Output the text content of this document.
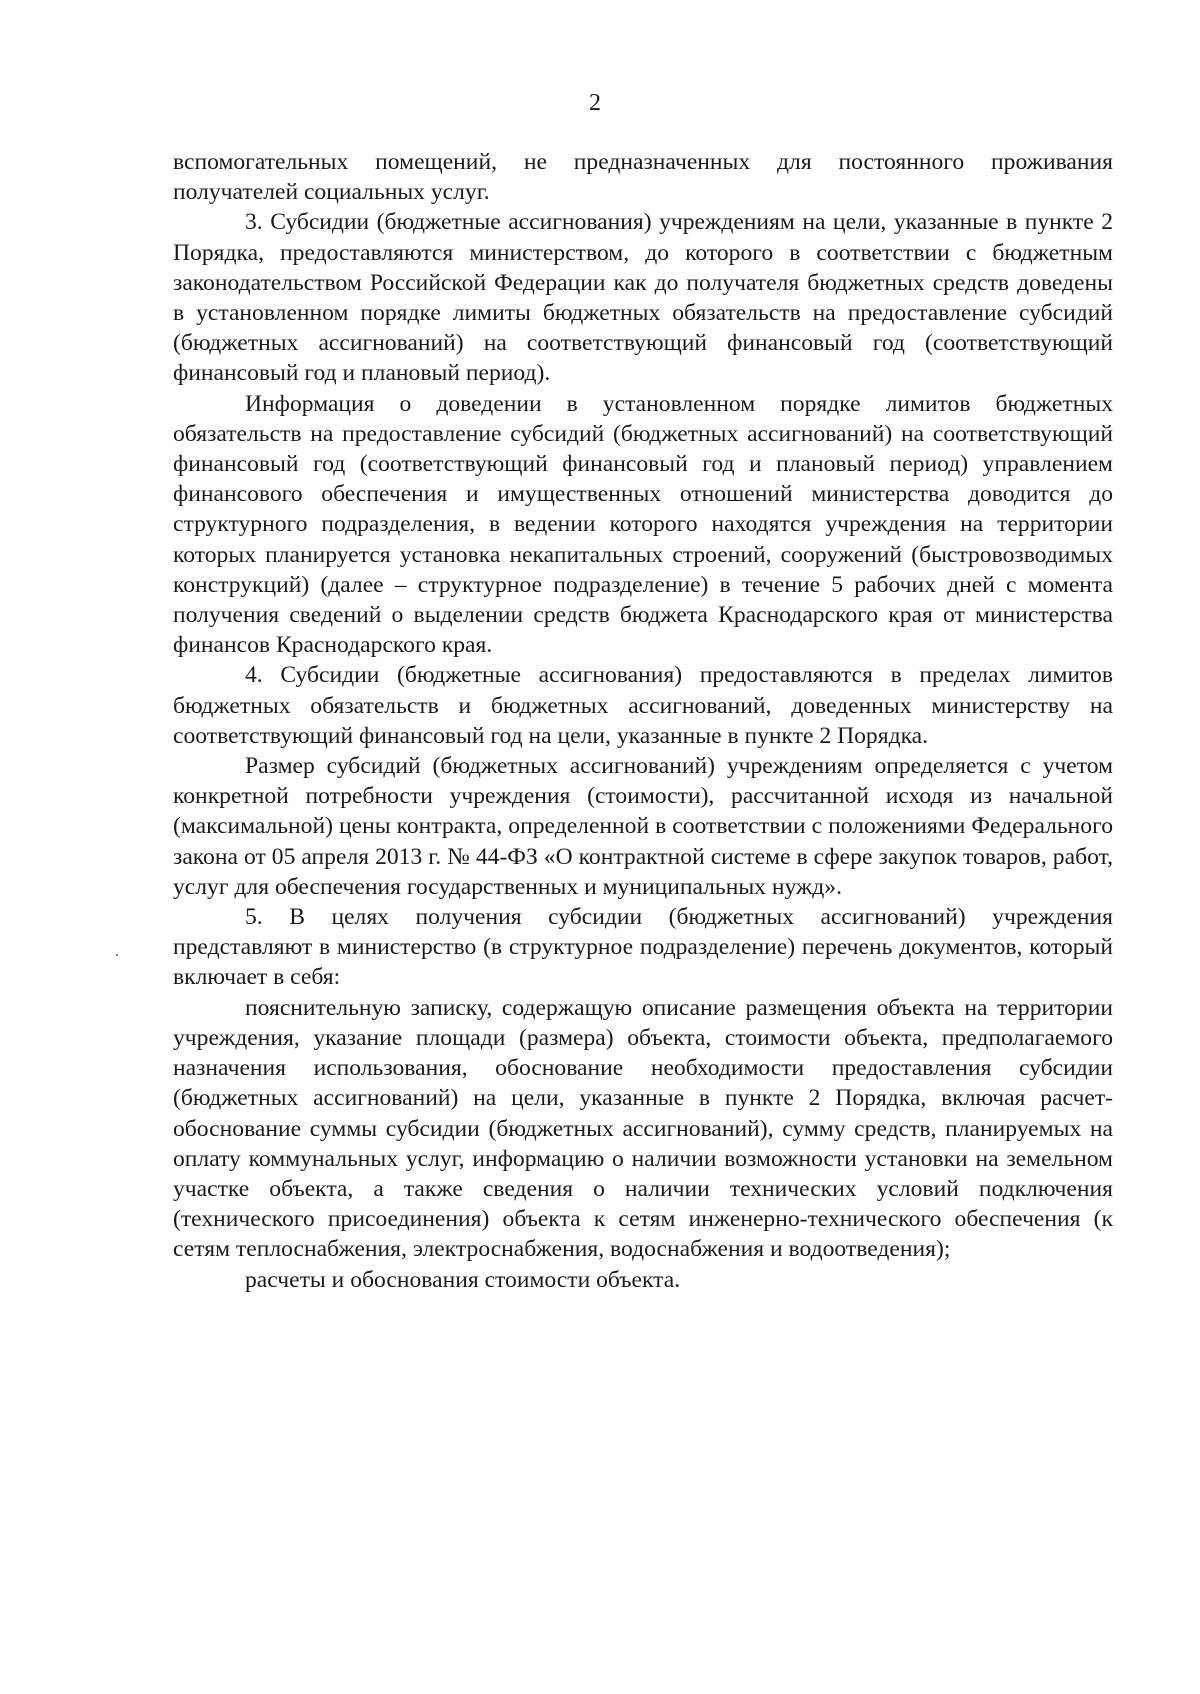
2

вспомогательных помещений, не предназначенных для постоянного проживания получателей социальных услуг.

3. Субсидии (бюджетные ассигнования) учреждениям на цели, указанные в пункте 2 Порядка, предоставляются министерством, до которого в соответствии с бюджетным законодательством Российской Федерации как до получателя бюджетных средств доведены в установленном порядке лимиты бюджетных обязательств на предоставление субсидий (бюджетных ассигнований) на соответствующий финансовый год (соответствующий финансовый год и плановый период).

Информация о доведении в установленном порядке лимитов бюджетных обязательств на предоставление субсидий (бюджетных ассигнований) на соответствующий финансовый год (соответствующий финансовый год и плановый период) управлением финансового обеспечения и имущественных отношений министерства доводится до структурного подразделения, в ведении которого находятся учреждения на территории которых планируется установка некапитальных строений, сооружений (быстровозводимых конструкций) (далее – структурное подразделение) в течение 5 рабочих дней с момента получения сведений о выделении средств бюджета Краснодарского края от министерства финансов Краснодарского края.

4. Субсидии (бюджетные ассигнования) предоставляются в пределах лимитов бюджетных обязательств и бюджетных ассигнований, доведенных министерству на соответствующий финансовый год на цели, указанные в пункте 2 Порядка.

Размер субсидий (бюджетных ассигнований) учреждениям определяется с учетом конкретной потребности учреждения (стоимости), рассчитанной исходя из начальной (максимальной) цены контракта, определенной в соответствии с положениями Федерального закона от 05 апреля 2013 г. № 44-ФЗ «О контрактной системе в сфере закупок товаров, работ, услуг для обеспечения государственных и муниципальных нужд».

5. В целях получения субсидии (бюджетных ассигнований) учреждения представляют в министерство (в структурное подразделение) перечень документов, который включает в себя:

пояснительную записку, содержащую описание размещения объекта на территории учреждения, указание площади (размера) объекта, стоимости объекта, предполагаемого назначения использования, обоснование необходимости предоставления субсидии (бюджетных ассигнований) на цели, указанные в пункте 2 Порядка, включая расчет-обоснование суммы субсидии (бюджетных ассигнований), сумму средств, планируемых на оплату коммунальных услуг, информацию о наличии возможности установки на земельном участке объекта, а также сведения о наличии технических условий подключения (технического присоединения) объекта к сетям инженерно-технического обеспечения (к сетям теплоснабжения, электроснабжения, водоснабжения и водоотведения);

расчеты и обоснования стоимости объекта.
